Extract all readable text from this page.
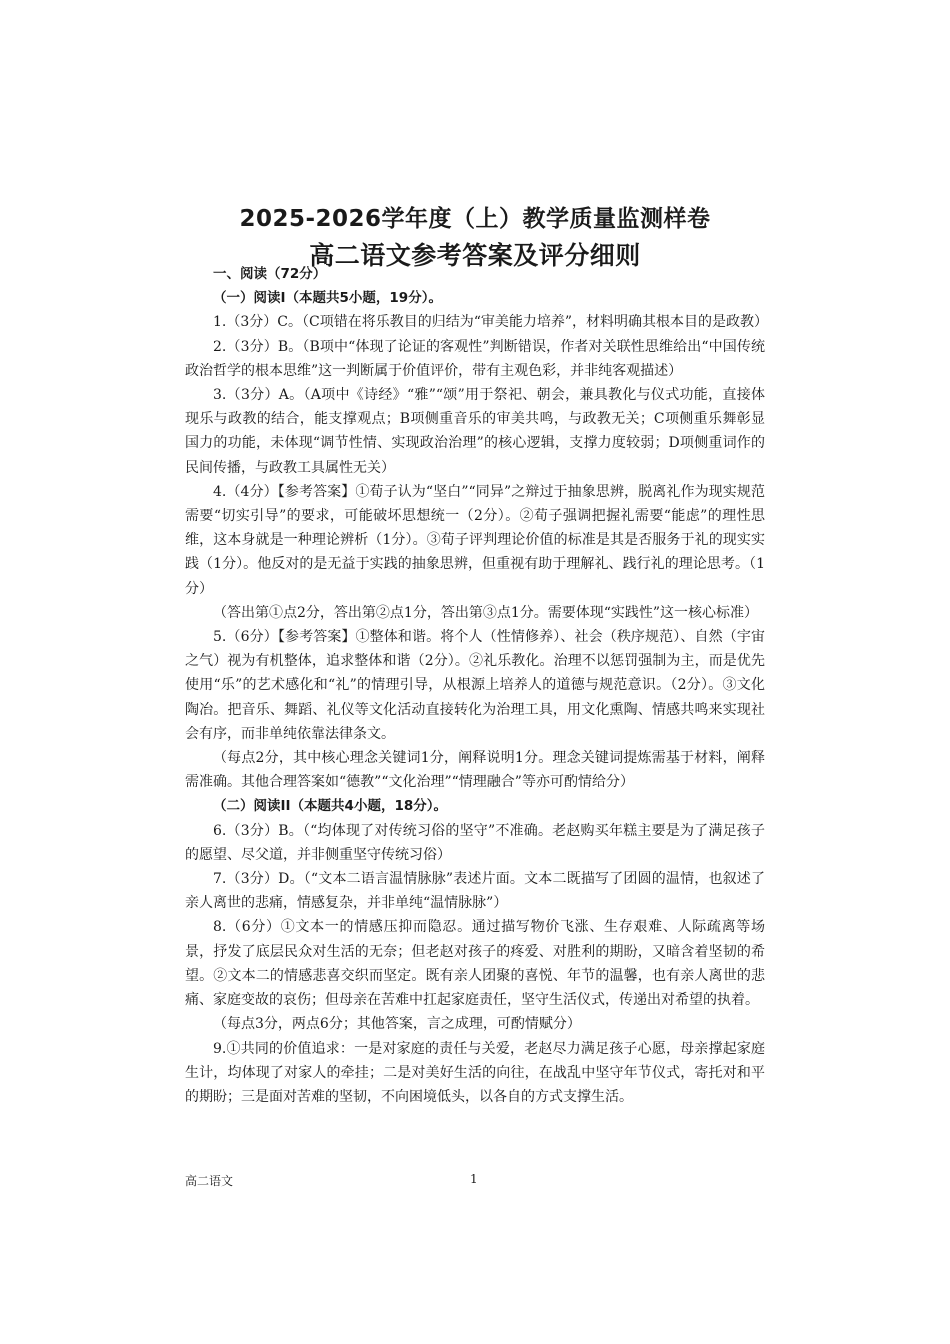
2025-2026学年度（上）教学质量监测样卷
高二语文参考答案及评分细则

一、阅读（72分）

（一）阅读I（本题共5小题，19分）。

1.（3分）C。（C项错在将乐教目的归结为“审美能力培养”，材料明确其根本目的是政教）

2.（3分）B。（B项中“体现了论证的客观性”判断错误，作者对关联性思维给出“中国传统政治哲学的根本思维”这一判断属于价值评价，带有主观色彩，并非纯客观描述）

3.（3分）A。（A项中《诗经》“雅”“颂”用于祭祀、朝会，兼具教化与仪式功能，直接体现乐与政教的结合，能支撑观点；B项侧重音乐的审美共鸣，与政教无关；C项侧重乐舞彰显国力的功能，未体现“调节性情、实现政治治理”的核心逻辑，支撑力度较弱；D项侧重词作的民间传播，与政教工具属性无关）

4.（4分）【参考答案】①荀子认为“坚白”“同异”之辩过于抽象思辨，脱离礼作为现实规范需要“切实引导”的要求，可能破坏思想统一（2分）。②荀子强调把握礼需要“能虑”的理性思维，这本身就是一种理论辨析（1分）。③荀子评判理论价值的标准是其是否服务于礼的现实实践（1分）。他反对的是无益于实践的抽象思辨，但重视有助于理解礼、践行礼的理论思考。（1分）

（答出第①点2分，答出第②点1分，答出第③点1分。需要体现“实践性”这一核心标准）

5.（6分）【参考答案】①整体和谐。将个人（性情修养）、社会（秩序规范）、自然（宇宙之气）视为有机整体，追求整体和谐（2分）。②礼乐教化。治理不以惩罚强制为主，而是优先使用“乐”的艺术感化和“礼”的情理引导，从根源上培养人的道德与规范意识。（2分）。③文化陶冶。把音乐、舞蹈、礼仪等文化活动直接转化为治理工具，用文化熏陶、情感共鸣来实现社会有序，而非单纯依靠法律条文。

（每点2分，其中核心理念关键词1分，阐释说明1分。理念关键词提炼需基于材料，阐释需准确。其他合理答案如“德教”“文化治理”“情理融合”等亦可酌情给分）

（二）阅读II（本题共4小题，18分）。

6.（3分）B。（“均体现了对传统习俗的坚守”不准确。老赵购买年糕主要是为了满足孩子的愿望、尽父道，并非侧重坚守传统习俗）

7.（3分）D。（“文本二语言温情脉脉”表述片面。文本二既描写了团圆的温情，也叙述了亲人离世的悲痛，情感复杂，并非单纯“温情脉脉”）

8.（6分）①文本一的情感压抑而隐忍。通过描写物价飞涨、生存艰难、人际疏离等场景，抒发了底层民众对生活的无奈；但老赵对孩子的疼爱、对胜利的期盼，又暗含着坚韧的希望。②文本二的情感悲喜交织而坚定。既有亲人团聚的喜悦、年节的温馨，也有亲人离世的悲痛、家庭变故的哀伤；但母亲在苦难中扛起家庭责任，坚守生活仪式，传递出对希望的执着。

（每点3分，两点6分；其他答案，言之成理，可酌情赋分）

9.①共同的价值追求：一是对家庭的责任与关爱，老赵尽力满足孩子心愿，母亲撑起家庭生计，均体现了对家人的牵挂；二是对美好生活的向往，在战乱中坚守年节仪式，寄托对和平的期盼；三是面对苦难的坚韧，不向困境低头，以各自的方式支撑生活。

高二语文	1
